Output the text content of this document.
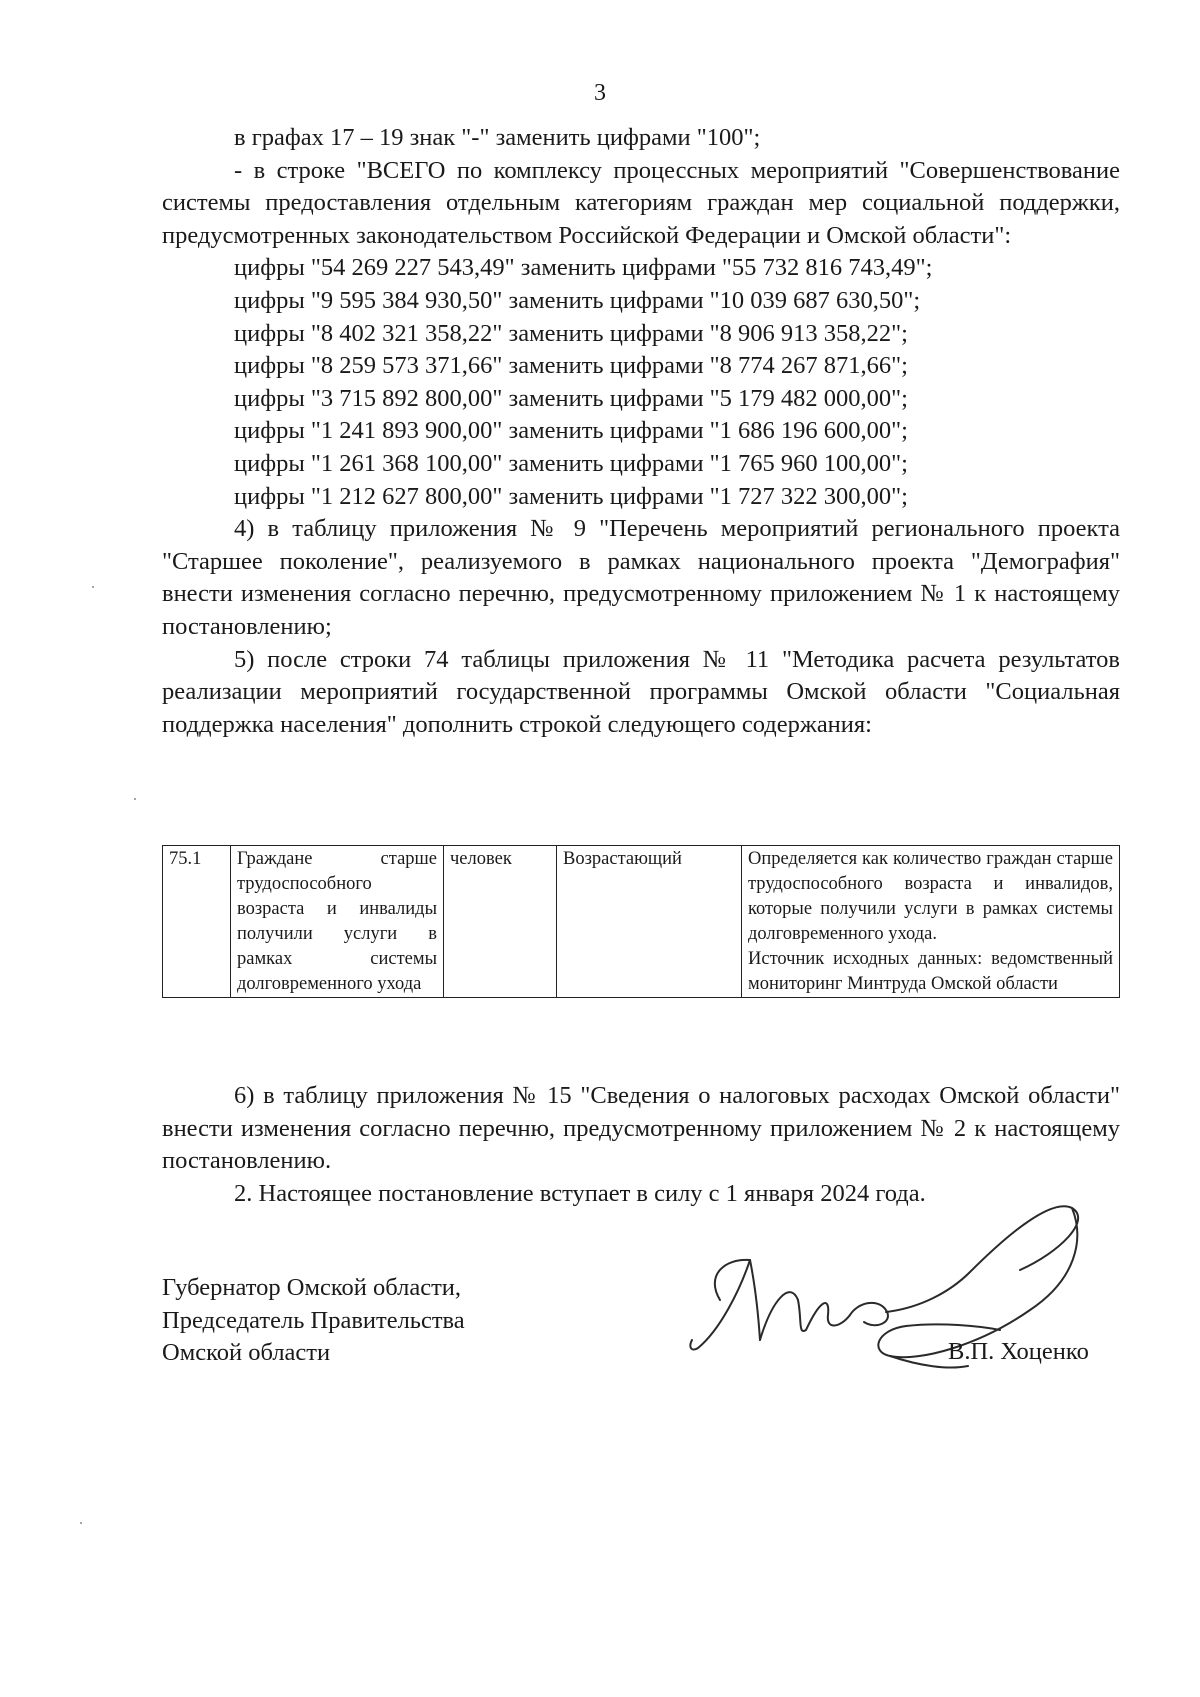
3

в графах 17 – 19 знак "-" заменить цифрами "100";

- в строке "ВСЕГО по комплексу процессных мероприятий "Совершенствование системы предоставления отдельным категориям граждан мер социальной поддержки, предусмотренных законодательством Российской Федерации и Омской области":

цифры "54 269 227 543,49" заменить цифрами "55 732 816 743,49";

цифры "9 595 384 930,50" заменить цифрами "10 039 687 630,50";

цифры "8 402 321 358,22" заменить цифрами "8 906 913 358,22";

цифры "8 259 573 371,66" заменить цифрами "8 774 267 871,66";

цифры "3 715 892 800,00" заменить цифрами "5 179 482 000,00";

цифры "1 241 893 900,00" заменить цифрами "1 686 196 600,00";

цифры "1 261 368 100,00" заменить цифрами "1 765 960 100,00";

цифры "1 212 627 800,00" заменить цифрами "1 727 322 300,00";

4) в таблицу приложения № 9 "Перечень мероприятий регионального проекта "Старшее поколение", реализуемого в рамках национального проекта "Демография" внести изменения согласно перечню, предусмотренному приложением № 1 к настоящему постановлению;

5) после строки 74 таблицы приложения № 11 "Методика расчета результатов реализации мероприятий государственной программы Омской области "Социальная поддержка населения" дополнить строкой следующего содержания:

75.1	Граждане старше трудоспособного возраста и инвалиды получили услуги в рамках системы долговременного ухода	человек	Возрастающий	Определяется как количество граждан старше трудоспособного возраста и инвалидов, которые получили услуги в рамках системы долговременного ухода.
Источник исходных данных: ведомственный мониторинг Минтруда Омской области

6) в таблицу приложения № 15 "Сведения о налоговых расходах Омской области" внести изменения согласно перечню, предусмотренному приложением № 2 к настоящему постановлению.

2. Настоящее постановление вступает в силу с 1 января 2024 года.

Губернатор Омской области,

Председатель Правительства

Омской области	В.П. Хоценко
